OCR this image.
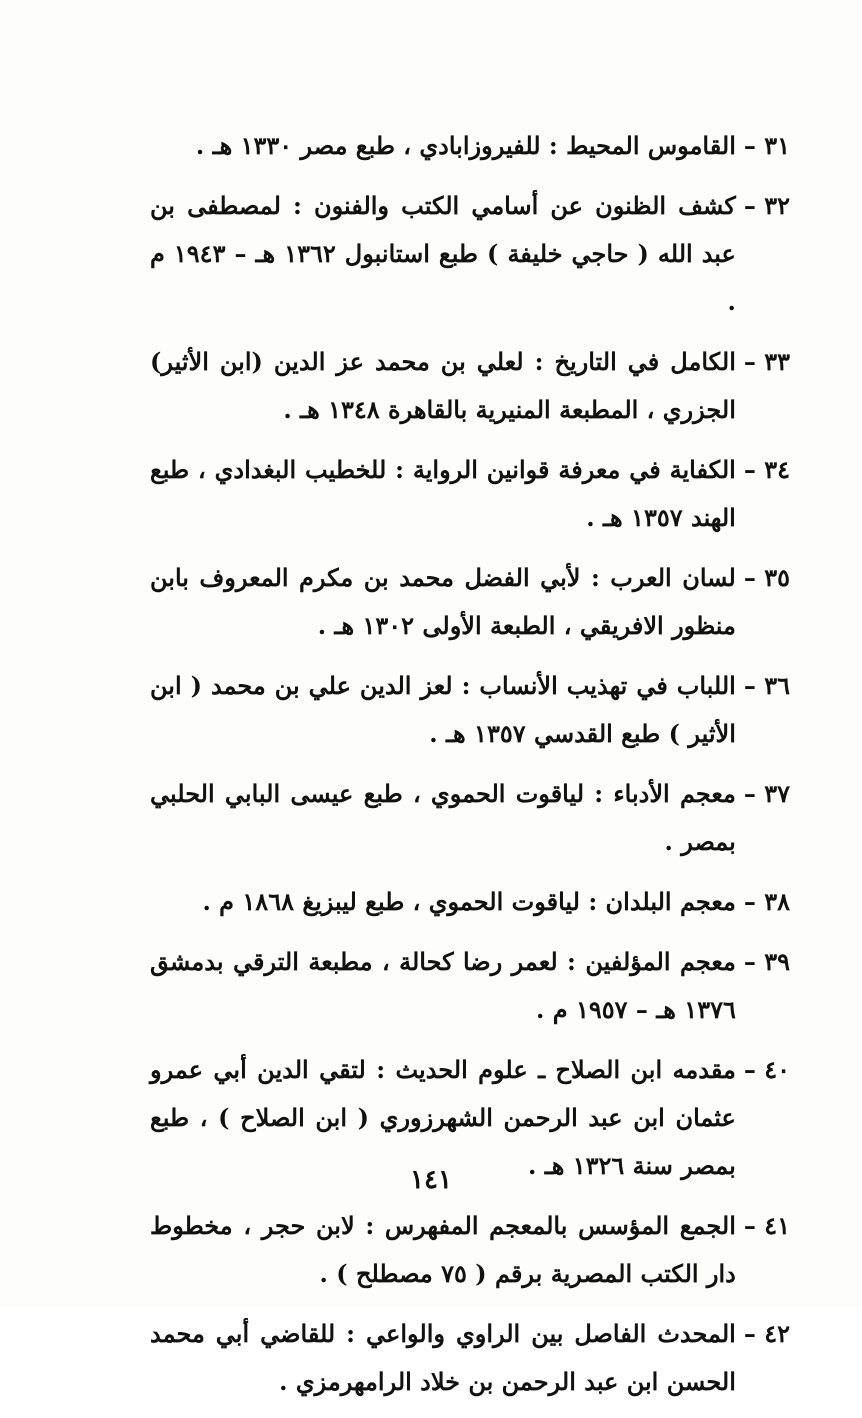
٣١ –
القاموس المحيط : للفيروزابادي ، طبع مصر ١٣٣٠ هـ .
٣٢ –
كشف الظنون عن أسامي الكتب والفنون : لمصطفى بن عبد الله ( حاجي خليفة ) طبع استانبول ١٣٦٢ هـ – ١٩٤٣ م .
٣٣ –
الكامل في التاريخ : لعلي بن محمد عز الدين (ابن الأثير) الجزري ، المطبعة المنيرية بالقاهرة ١٣٤٨ هـ .
٣٤ –
الكفاية في معرفة قوانين الرواية : للخطيب البغدادي ، طبع الهند ١٣٥٧ هـ .
٣٥ –
لسان العرب : لأبي الفضل محمد بن مكرم المعروف بابن منظور الافريقي ، الطبعة الأولى ١٣٠٢ هـ .
٣٦ –
اللباب في تهذيب الأنساب : لعز الدين علي بن محمد ( ابن الأثير ) طبع القدسي ١٣٥٧ هـ .
٣٧ –
معجم الأدباء : لياقوت الحموي ، طبع عيسى البابي الحلبي بمصر .
٣٨ –
معجم البلدان : لياقوت الحموي ، طبع ليبزيغ ١٨٦٨ م .
٣٩ –
معجم المؤلفين : لعمر رضا كحالة ، مطبعة الترقي بدمشق ١٣٧٦ هـ – ١٩٥٧ م .
٤٠ –
مقدمه ابن الصلاح ـ علوم الحديث : لتقي الدين أبي عمرو عثمان ابن عبد الرحمن الشهرزوري ( ابن الصلاح ) ، طبع بمصر سنة ١٣٢٦ هـ .
٤١ –
الجمع المؤسس بالمعجم المفهرس : لابن حجر ، مخطوط دار الكتب المصرية برقم ( ٧٥ مصطلح ) .
٤٢ –
المحدث الفاصل بين الراوي والواعي : للقاضي أبي محمد الحسن ابن عبد الرحمن بن خلاد الرامهرمزي .
١٤١
